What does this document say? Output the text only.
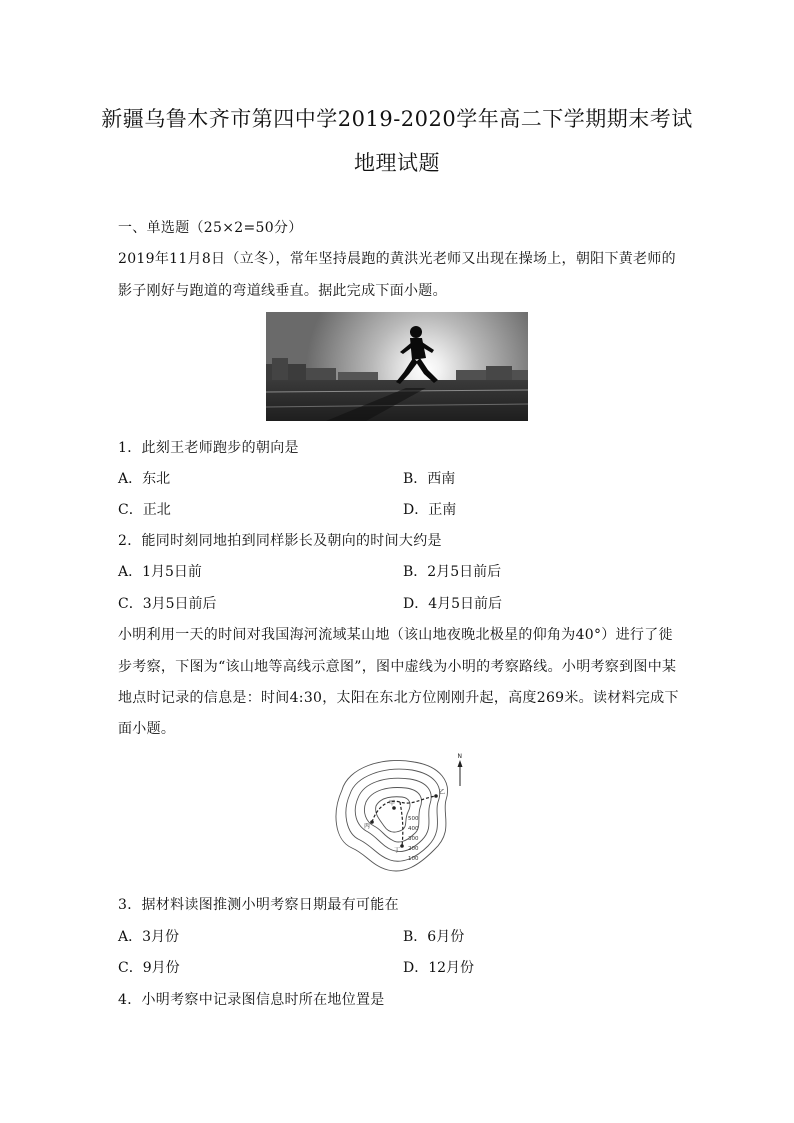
新疆乌鲁木齐市第四中学2019-2020学年高二下学期期末考试
地理试题
一、单选题（25×2=50分）
2019年11月8日（立冬），常年坚持晨跑的黄洪光老师又出现在操场上，朝阳下黄老师的
影子刚好与跑道的弯道线垂直。据此完成下面小题。
1．此刻王老师跑步的朝向是
A．东北	B．西南
C．正北	D．正南
2．能同时刻同地拍到同样影长及朝向的时间大约是
A．1月5日前	B．2月5日前后
C．3月5日前后	D．4月5日前后
小明利用一天的时间对我国海河流域某山地（该山地夜晚北极星的仰角为40°）进行了徙
步考察，下图为“该山地等高线示意图”，图中虚线为小明的考察路线。小明考察到图中某
地点时记录的信息是：时间4:30，太阳在东北方位刚刚升起，高度269米。读材料完成下
面小题。
甲
乙
丙
丁
500
400
300
200
100
N
3．据材料读图推测小明考察日期最有可能在
A．3月份	B．6月份
C．9月份	D．12月份
4．小明考察中记录图信息时所在地位置是
